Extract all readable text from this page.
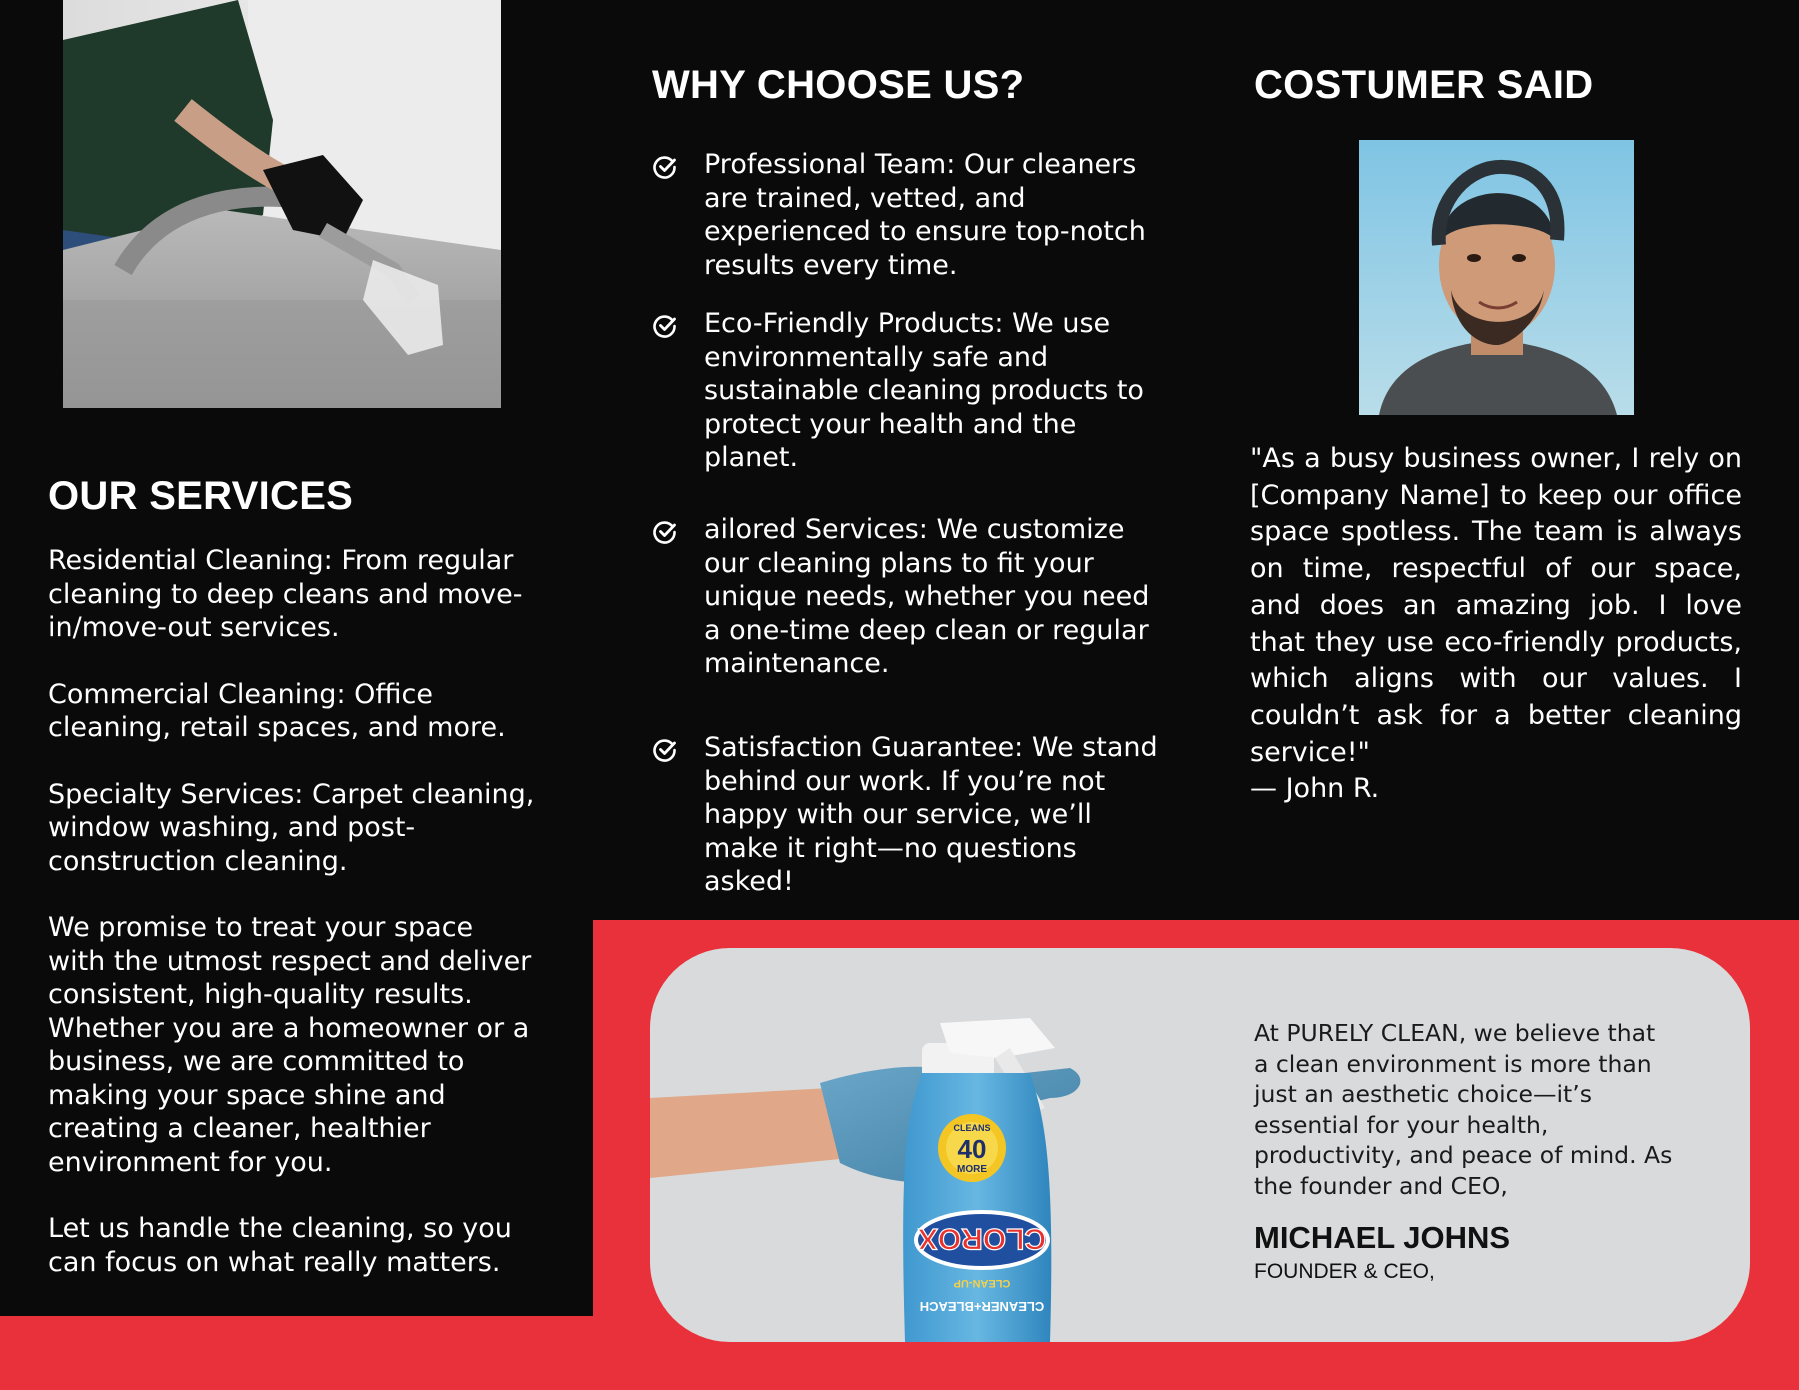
OUR SERVICES

Residential Cleaning: From regular cleaning to deep cleans and move-in/move-out services.

Commercial Cleaning: Office cleaning, retail spaces, and more.

Specialty Services: Carpet cleaning, window washing, and post-construction cleaning.

We promise to treat your space with the utmost respect and deliver consistent, high-quality results. Whether you are a homeowner or a business, we are committed to making your space shine and creating a cleaner, healthier environment for you.

Let us handle the cleaning, so you can focus on what really matters.

WHY CHOOSE US?
Professional Team: Our cleaners are trained, vetted, and experienced to ensure top-notch results every time.
Eco-Friendly Products: We use environmentally safe and sustainable cleaning products to protect your health and the planet.
ailored Services: We customize our cleaning plans to fit your unique needs, whether you need a one-time deep clean or regular maintenance.
Satisfaction Guarantee: We stand behind our work. If you’re not happy with our service, we’ll make it right—no questions asked!
COSTUMER SAID
"As a busy business owner, I rely on [Company Name] to keep our office space spotless. The team is always on time, respectful of our space, and does an amazing job. I love that they use eco-friendly products, which aligns with our values. I couldn’t ask for a better cleaning service!"
— John R.
40
CLEANS
MORE
CLOROX
CLEAN-UP
CLEANER+BLEACH
At PURELY CLEAN, we believe that a clean environment is more than just an aesthetic choice—it’s essential for your health, productivity, and peace of mind. As the founder and CEO,
MICHAEL JOHNS
FOUNDER & CEO,
